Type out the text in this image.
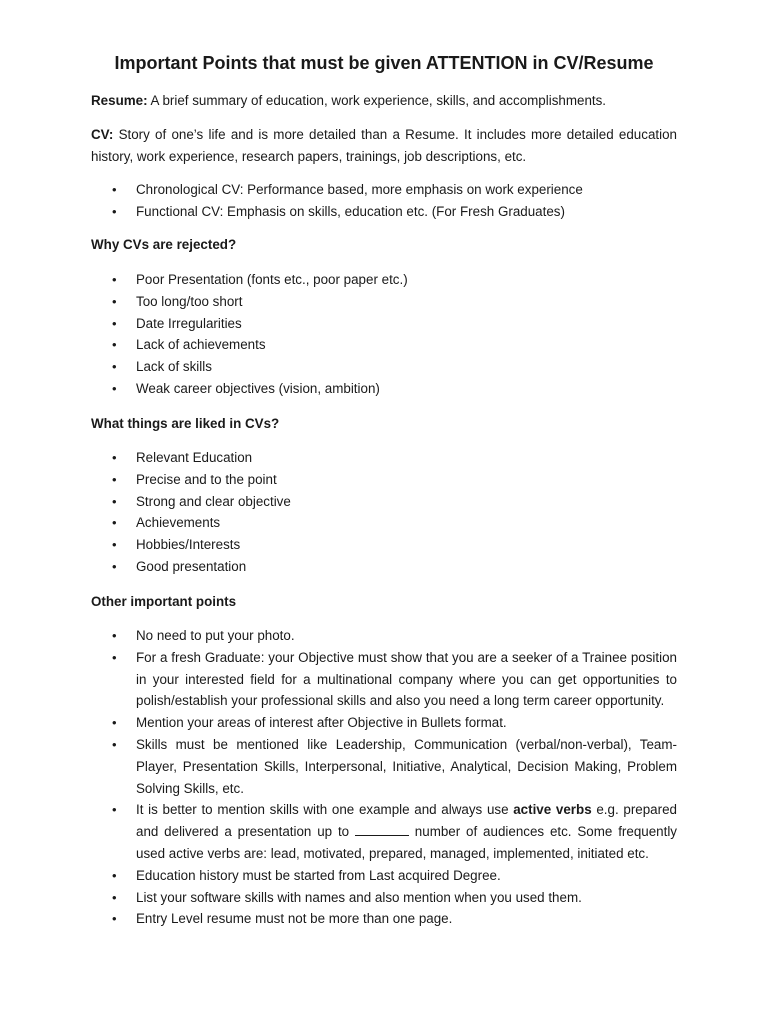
Important Points that must be given ATTENTION in CV/Resume

Resume: A brief summary of education, work experience, skills, and accomplishments.

CV: Story of one’s life and is more detailed than a Resume. It includes more detailed education history, work experience, research papers, trainings, job descriptions, etc.

• Chronological CV: Performance based, more emphasis on work experience
• Functional CV: Emphasis on skills, education etc. (For Fresh Graduates)

Why CVs are rejected?

• Poor Presentation (fonts etc., poor paper etc.)
• Too long/too short
• Date Irregularities
• Lack of achievements
• Lack of skills
• Weak career objectives (vision, ambition)

What things are liked in CVs?

• Relevant Education
• Precise and to the point
• Strong and clear objective
• Achievements
• Hobbies/Interests
• Good presentation

Other important points

• No need to put your photo.
• For a fresh Graduate: your Objective must show that you are a seeker of a Trainee position in your interested field for a multinational company where you can get opportunities to polish/establish your professional skills and also you need a long term career opportunity.
• Mention your areas of interest after Objective in Bullets format.
• Skills must be mentioned like Leadership, Communication (verbal/non-verbal), Team-Player, Presentation Skills, Interpersonal, Initiative, Analytical, Decision Making, Problem Solving Skills, etc.
• It is better to mention skills with one example and always use active verbs e.g. prepared and delivered a presentation up to	number of audiences etc. Some frequently used active verbs are: lead, motivated, prepared, managed, implemented, initiated etc.
• Education history must be started from Last acquired Degree.
• List your software skills with names and also mention when you used them.
• Entry Level resume must not be more than one page.
